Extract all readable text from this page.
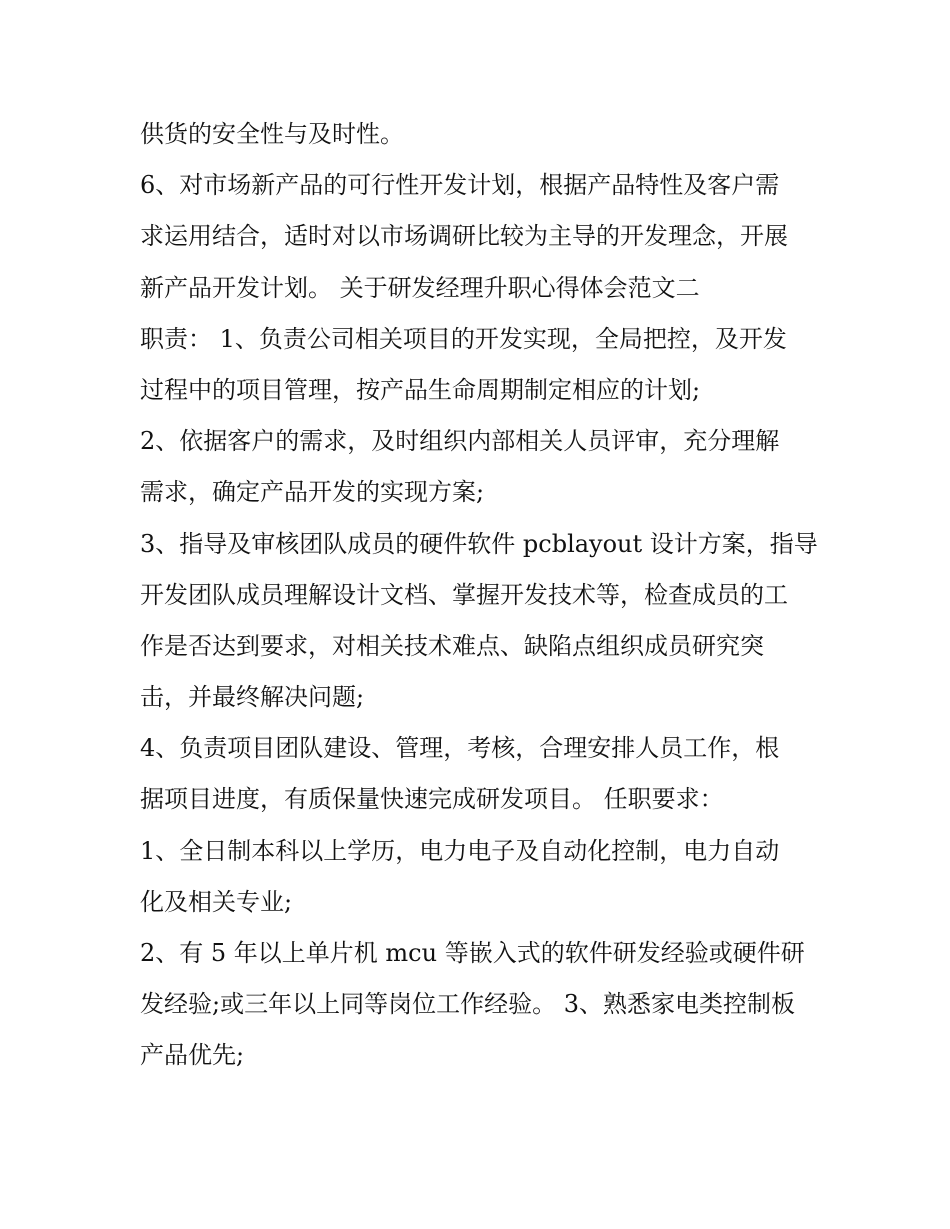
供货的安全性与及时性。
6、对市场新产品的可行性开发计划，根据产品特性及客户需
求运用结合，适时对以市场调研比较为主导的开发理念，开展
新产品开发计划。 关于研发经理升职心得体会范文二
职责： 1、负责公司相关项目的开发实现，全局把控，及开发
过程中的项目管理，按产品生命周期制定相应的计划;
2、依据客户的需求，及时组织内部相关人员评审，充分理解
需求，确定产品开发的实现方案;
3、指导及审核团队成员的硬件软件 pcblayout 设计方案，指导
开发团队成员理解设计文档、掌握开发技术等，检查成员的工
作是否达到要求，对相关技术难点、缺陷点组织成员研究突
击，并最终解决问题;
4、负责项目团队建设、管理，考核，合理安排人员工作，根
据项目进度，有质保量快速完成研发项目。 任职要求：
1、全日制本科以上学历，电力电子及自动化控制，电力自动
化及相关专业;
2、有 5 年以上单片机 mcu 等嵌入式的软件研发经验或硬件研
发经验;或三年以上同等岗位工作经验。 3、熟悉家电类控制板
产品优先;
